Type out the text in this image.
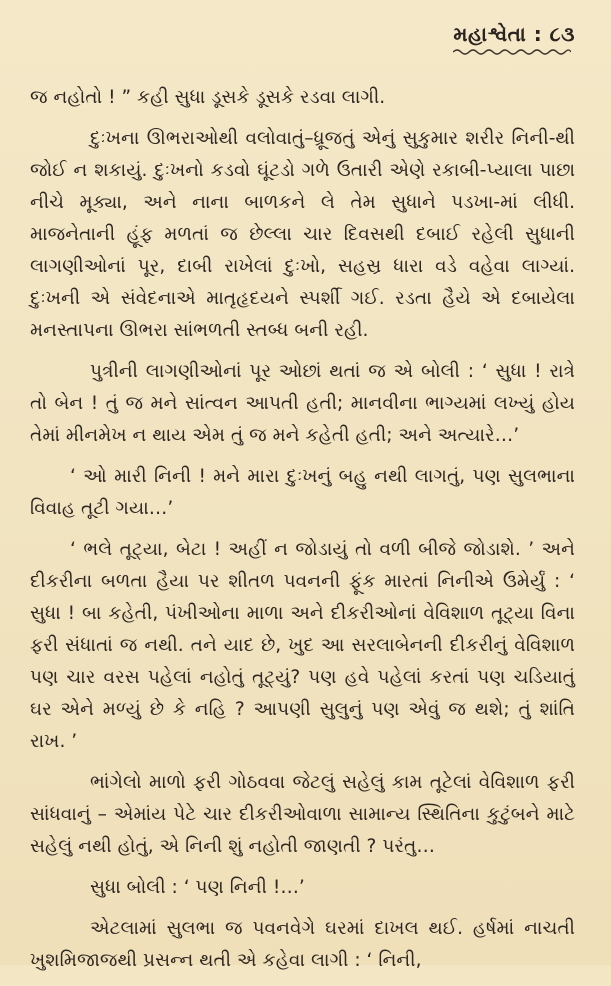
મહાશ્વેતા : ૮૩

જ નહોતો ! ” કહી સુધા ડૂસકે ડૂસકે રડવા લાગી.

દુઃખના ઊભરાઓથી વલોવાતું–ધ્રૂજતું એનું સુકુમાર શરીર નિની-થી જોઈ ન શકાયું. દુઃખનો કડવો ઘૂંટડો ગળે ઉતારી એણે રકાબી-પ્યાલા પાછા નીચે મૂક્યા, અને નાના બાળકને લે તેમ સુધાને પડખા-માં લીધી. મા‌જનેતાની હૂંફ મળતાં જ છેલ્લા ચાર દિવસથી દબાઈ રહેલી સુધાની લાગણીઓનાં પૂર, દાબી રાખેલાં દુઃખો, સહસ્ર ધારા વડે વહેવા લાગ્યાં. દુઃખની એ સંવેદનાએ માતૃહૃદયને સ્પર્શી ગઈ. રડતા હૈયે એ દબાયેલા મનસ્તાપના ઊભરા સાંભળતી સ્તબ્ધ બની રહી.

પુત્રીની લાગણીઓનાં પૂર ઓછાં થતાં જ એ બોલી : ‘ સુધા ! રાત્રે તો બેન ! તું જ મને સાંત્વન આપતી હતી; માનવીના ભાગ્યમાં લખ્યું હોય તેમાં મીનમેખ ન થાય એમ તું જ મને કહેતી હતી; અને અત્યારે…’

‘ ઓ મારી નિની ! મને મારા દુઃખનું બહુ નથી લાગતું, પણ સુલભાના વિવાહ તૂટી ગયા…’

‘ ભલે તૂટ્યા, બેટા ! અહીં ન જોડાયું તો વળી બીજે જોડાશે. ’ અને દીકરીના બળતા હૈયા પર શીતળ પવનની ફૂંક મારતાં નિનીએ ઉમેર્યું : ‘ સુધા ! બા કહેતી, પંખીઓના માળા અને દીકરીઓનાં વેવિશાળ તૂટ્યા વિના ફરી સંધાતાં જ નથી. તને યાદ છે, ખુદ આ સરલાબેનની દીકરીનું વેવિશાળ પણ ચાર વરસ પહેલાં નહોતું તૂટ્યું? પણ હવે પહેલાં કરતાં પણ ચડિયાતું ઘર એને મળ્યું છે કે નહિ ? આપણી સુલુનું પણ એવું જ થશે; તું શાંતિ રાખ. ’

ભાંગેલો માળો ફરી ગોઠવવા જેટલું સહેલું કામ તૂટેલાં વેવિશાળ ફરી સાંધવાનું – એમાંય પેટે ચાર દીકરીઓવાળા સામાન્ય સ્થિતિના કુટુંબને માટે સહેલું નથી હોતું, એ નિની શું નહોતી જાણતી ? પરંતુ…

સુધા બોલી : ‘ પણ નિની !…’

એટલામાં સુલભા જ પવનવેગે ઘરમાં દાખલ થઈ. હર્ષમાં નાચતી ખુશમિજાજથી પ્રસન્ન થતી એ કહેવા લાગી : ‘ નિની,
